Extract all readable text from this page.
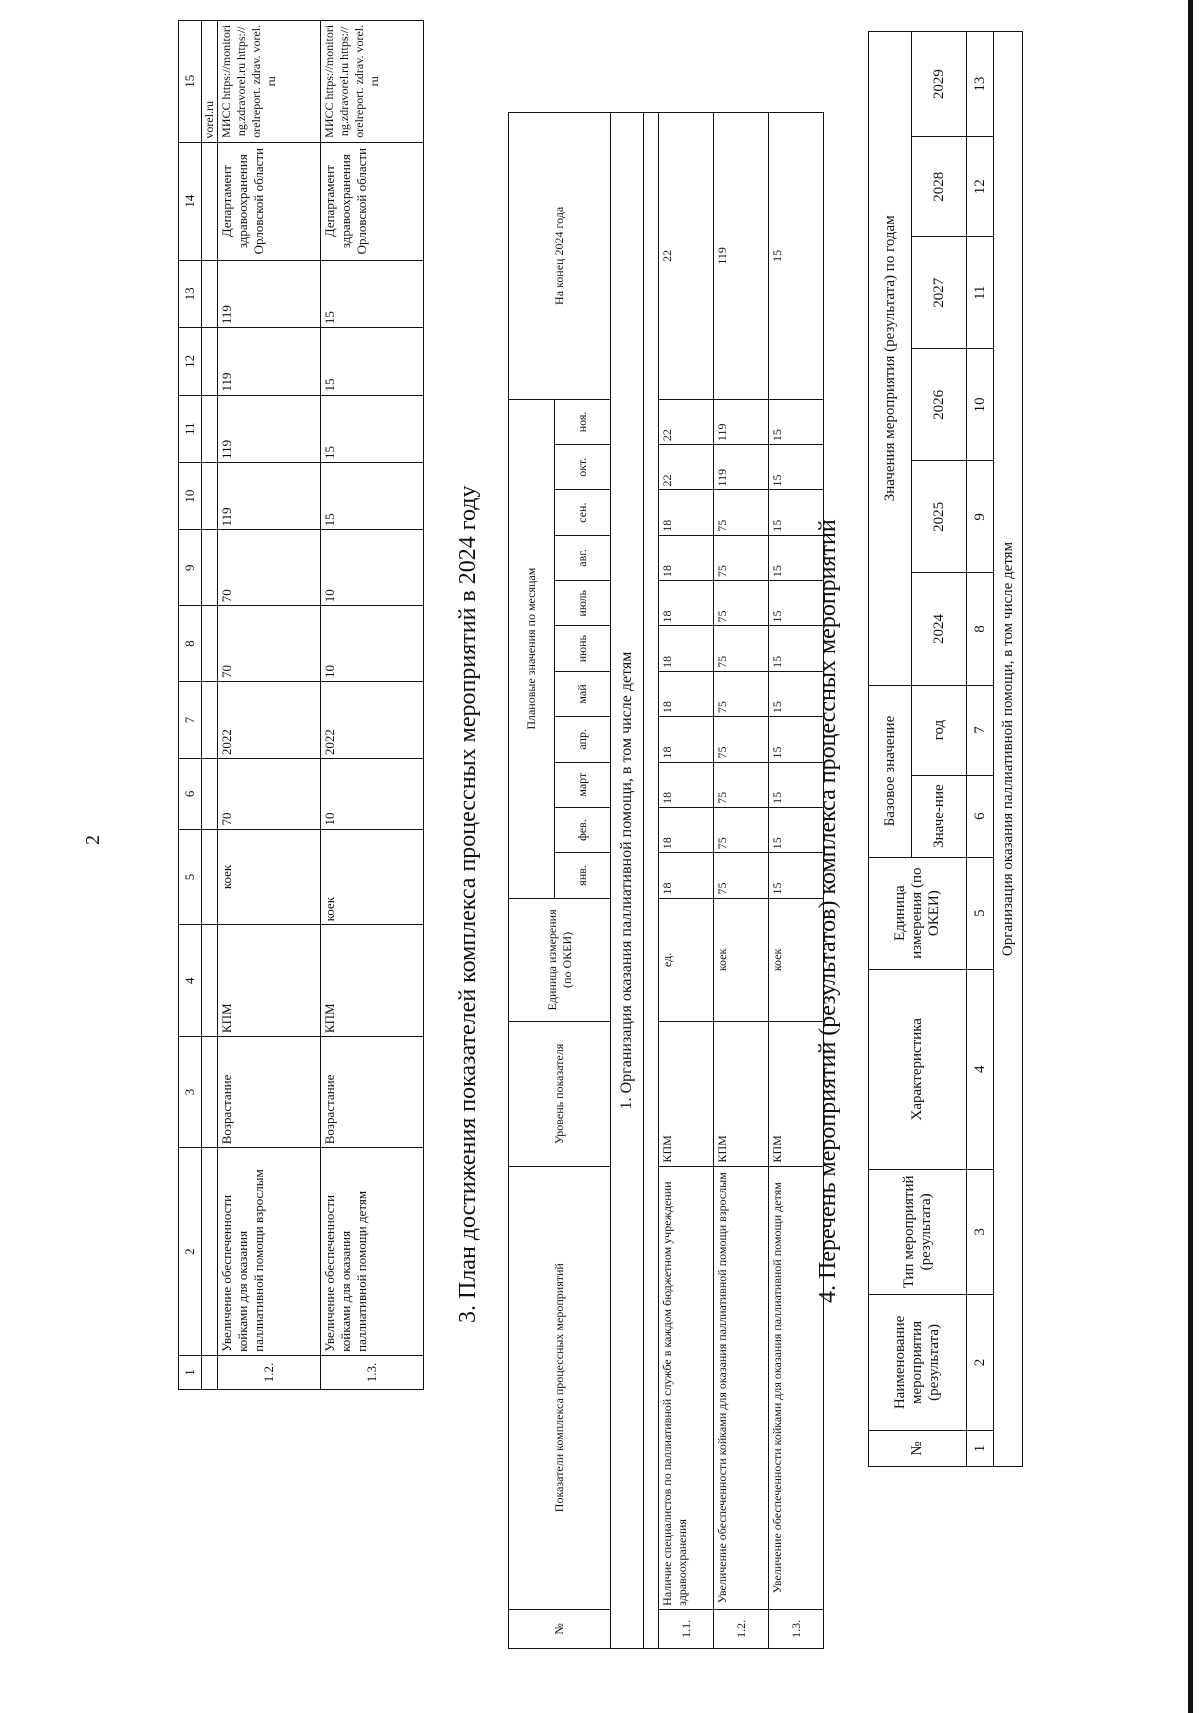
2
1	2	3	4	5	6	7	8	9	10	11	12	13	14	15
														vorel.ru
1.2.	Увеличение обеспеченности койками для оказания паллиативной помощи взрослым	Возрастание	КПМ	коек	70	2022	70	70	119	119	119	119	Департамент здравоохранения Орловской области	МИСС https://monitoring.zdravorel.ru https:// orelreport. zdrav. vorel.ru
1.3.	Увеличение обеспеченности койками для оказания паллиативной помощи детям	Возрастание	КПМ	коек	10	2022	10	10	15	15	15	15	Департамент здравоохранения Орловской области	МИСС https://monitoring.zdravorel.ru https:// orelreport. zdrav. vorel.ru
3. План достижения показателей комплекса процессных мероприятий в 2024 году
№	Показатели комплекса процессных мероприятий	Уровень показателя	Единица измерения (по ОКЕИ)	Плановые значения по месяцам											На конец 2024 года
				янв.	фев.	март	апр.	май	июнь	июль	авг.	сен.	окт.	ноя.	
1. Организация оказания паллиативной помощи, в том числе детям															

1.1.	Наличие специалистов по паллиативной службе в каждом бюджетном учреждении здравоохранения	КПМ	ед.	18	18	18	18	18	18	18	18	18	22	22	22
1.2.	Увеличение обеспеченности койками для оказания паллиативной помощи взрослым	КПМ	коек	75	75	75	75	75	75	75	75	75	119	119	119
1.3.	Увеличение обеспеченности койками для оказания паллиативной помощи детям	КПМ	коек	15	15	15	15	15	15	15	15	15	15	15	15
4. Перечень мероприятий (результатов) комплекса процессных мероприятий
№	Наименование мероприятия (результата)	Тип мероприятий (результата)	Характеристика	Единица измерения (по ОКЕИ)	Базовое значение		Значения мероприятия (результата) по годам					
					Значе-ние	год	2024	2025	2026	2027	2028	2029
1	2	3	4	5	6	7	8	9	10	11	12	13
Организация оказания паллиативной помощи, в том числе детям												
